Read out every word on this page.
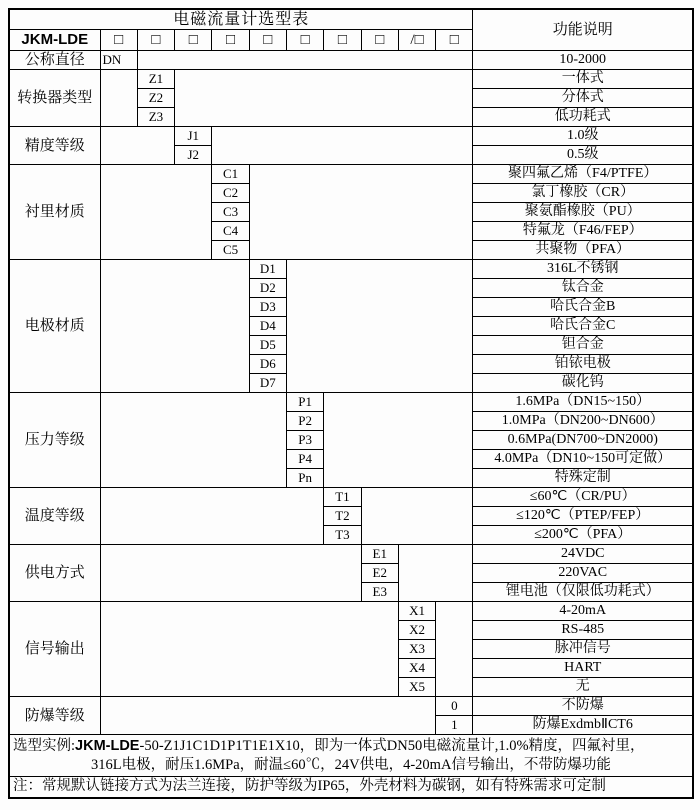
电磁流量计选型表											功能说明
JKM-LDE	□	□	□	□	□	□	□	□	/□	□	
公称直径	DN										10-2000
转换器类型		Z1									一体式
		Z2									分体式
		Z3									低功耗式
精度等级			J1								1.0级
			J2								0.5级
衬里材质				C1							聚四氟乙烯（F4/PTFE）
				C2							氯丁橡胶（CR）
				C3							聚氨酯橡胶（PU）
				C4							特氟龙（F46/FEP）
				C5							共聚物（PFA）
电极材质					D1						316L不锈钢
					D2						钛合金
					D3						哈氏合金B
					D4						哈氏合金C
					D5						钽合金
					D6						铂铱电极
					D7						碳化钨
压力等级						P1					1.6MPa（DN15~150）
						P2					1.0MPa（DN200~DN600）
						P3					0.6MPa(DN700~DN2000)
						P4					4.0MPa（DN10~150可定做）
						Pn					特殊定制
温度等级							T1				≤60℃（CR/PU）
							T2				≤120℃（PTEP/FEP）
							T3				≤200℃（PFA）
供电方式								E1			24VDC
								E2			220VAC
								E3			锂电池（仅限低功耗式）
信号输出									X1		4-20mA
									X2		RS-485
									X3		脉冲信号
									X4		HART
									X5		无
防爆等级										0	不防爆
										1	防爆ExdmbⅡCT6

选型实例:JKM-LDE-50-Z1J1C1D1P1T1E1X10，即为一体式DN50电磁流量计,1.0%精度，四氟衬里，
316L电极，耐压1.6MPa，耐温≤60℃，24V供电，4-20mA信号输出，不带防爆功能											

注：常规默认链接方式为法兰连接，防护等级为IP65，外壳材料为碳钢，如有特殊需求可定制											
